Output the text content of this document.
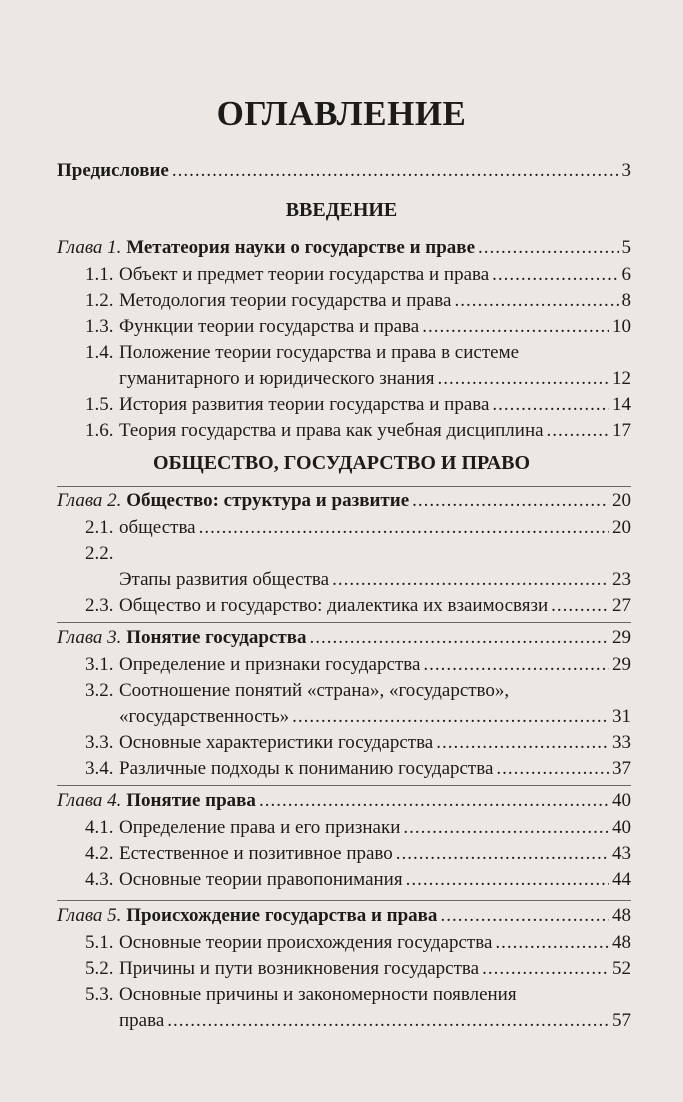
ОГЛАВЛЕНИЕ
Предисловие .....	3
ВВЕДЕНИЕ
ОБЩЕСТВО, ГОСУДАРСТВО И ПРАВО
Глава 1. Метатеория науки о государстве и праве .....	5
1.1. Объект и предмет теории государства и права .....	6
1.2. Методология теории государства и права .....	8
1.3. Функции теории государства и права .....	10
1.4. Положение теории государства и права в системе
гуманитарного и юридического знания .....	12
1.5. История развития теории государства и права .....	14
1.6. Теория государства и права как учебная дисциплина .....	17
Глава 2. Общество: структура и развитие .....	20
2.1. общества .....	20
2.2.
Этапы развития общества .....	23
2.3. Общество и государство: диалектика их взаимосвязи .....	27
Глава 3. Понятие государства .....	29
3.1. Определение и признаки государства .....	29
3.2. Соотношение понятий «страна», «государство»,
«государственность» .....	31
3.3. Основные характеристики государства .....	33
3.4. Различные подходы к пониманию государства .....	37
Глава 4. Понятие права .....	40
4.1. Определение права и его признаки .....	40
4.2. Естественное и позитивное право .....	43
4.3. Основные теории правопонимания .....	44
Глава 5. Происхождение государства и права .....	48
5.1. Основные теории происхождения государства .....	48
5.2. Причины и пути возникновения государства .....	52
5.3. Основные причины и закономерности появления
права .....	57
